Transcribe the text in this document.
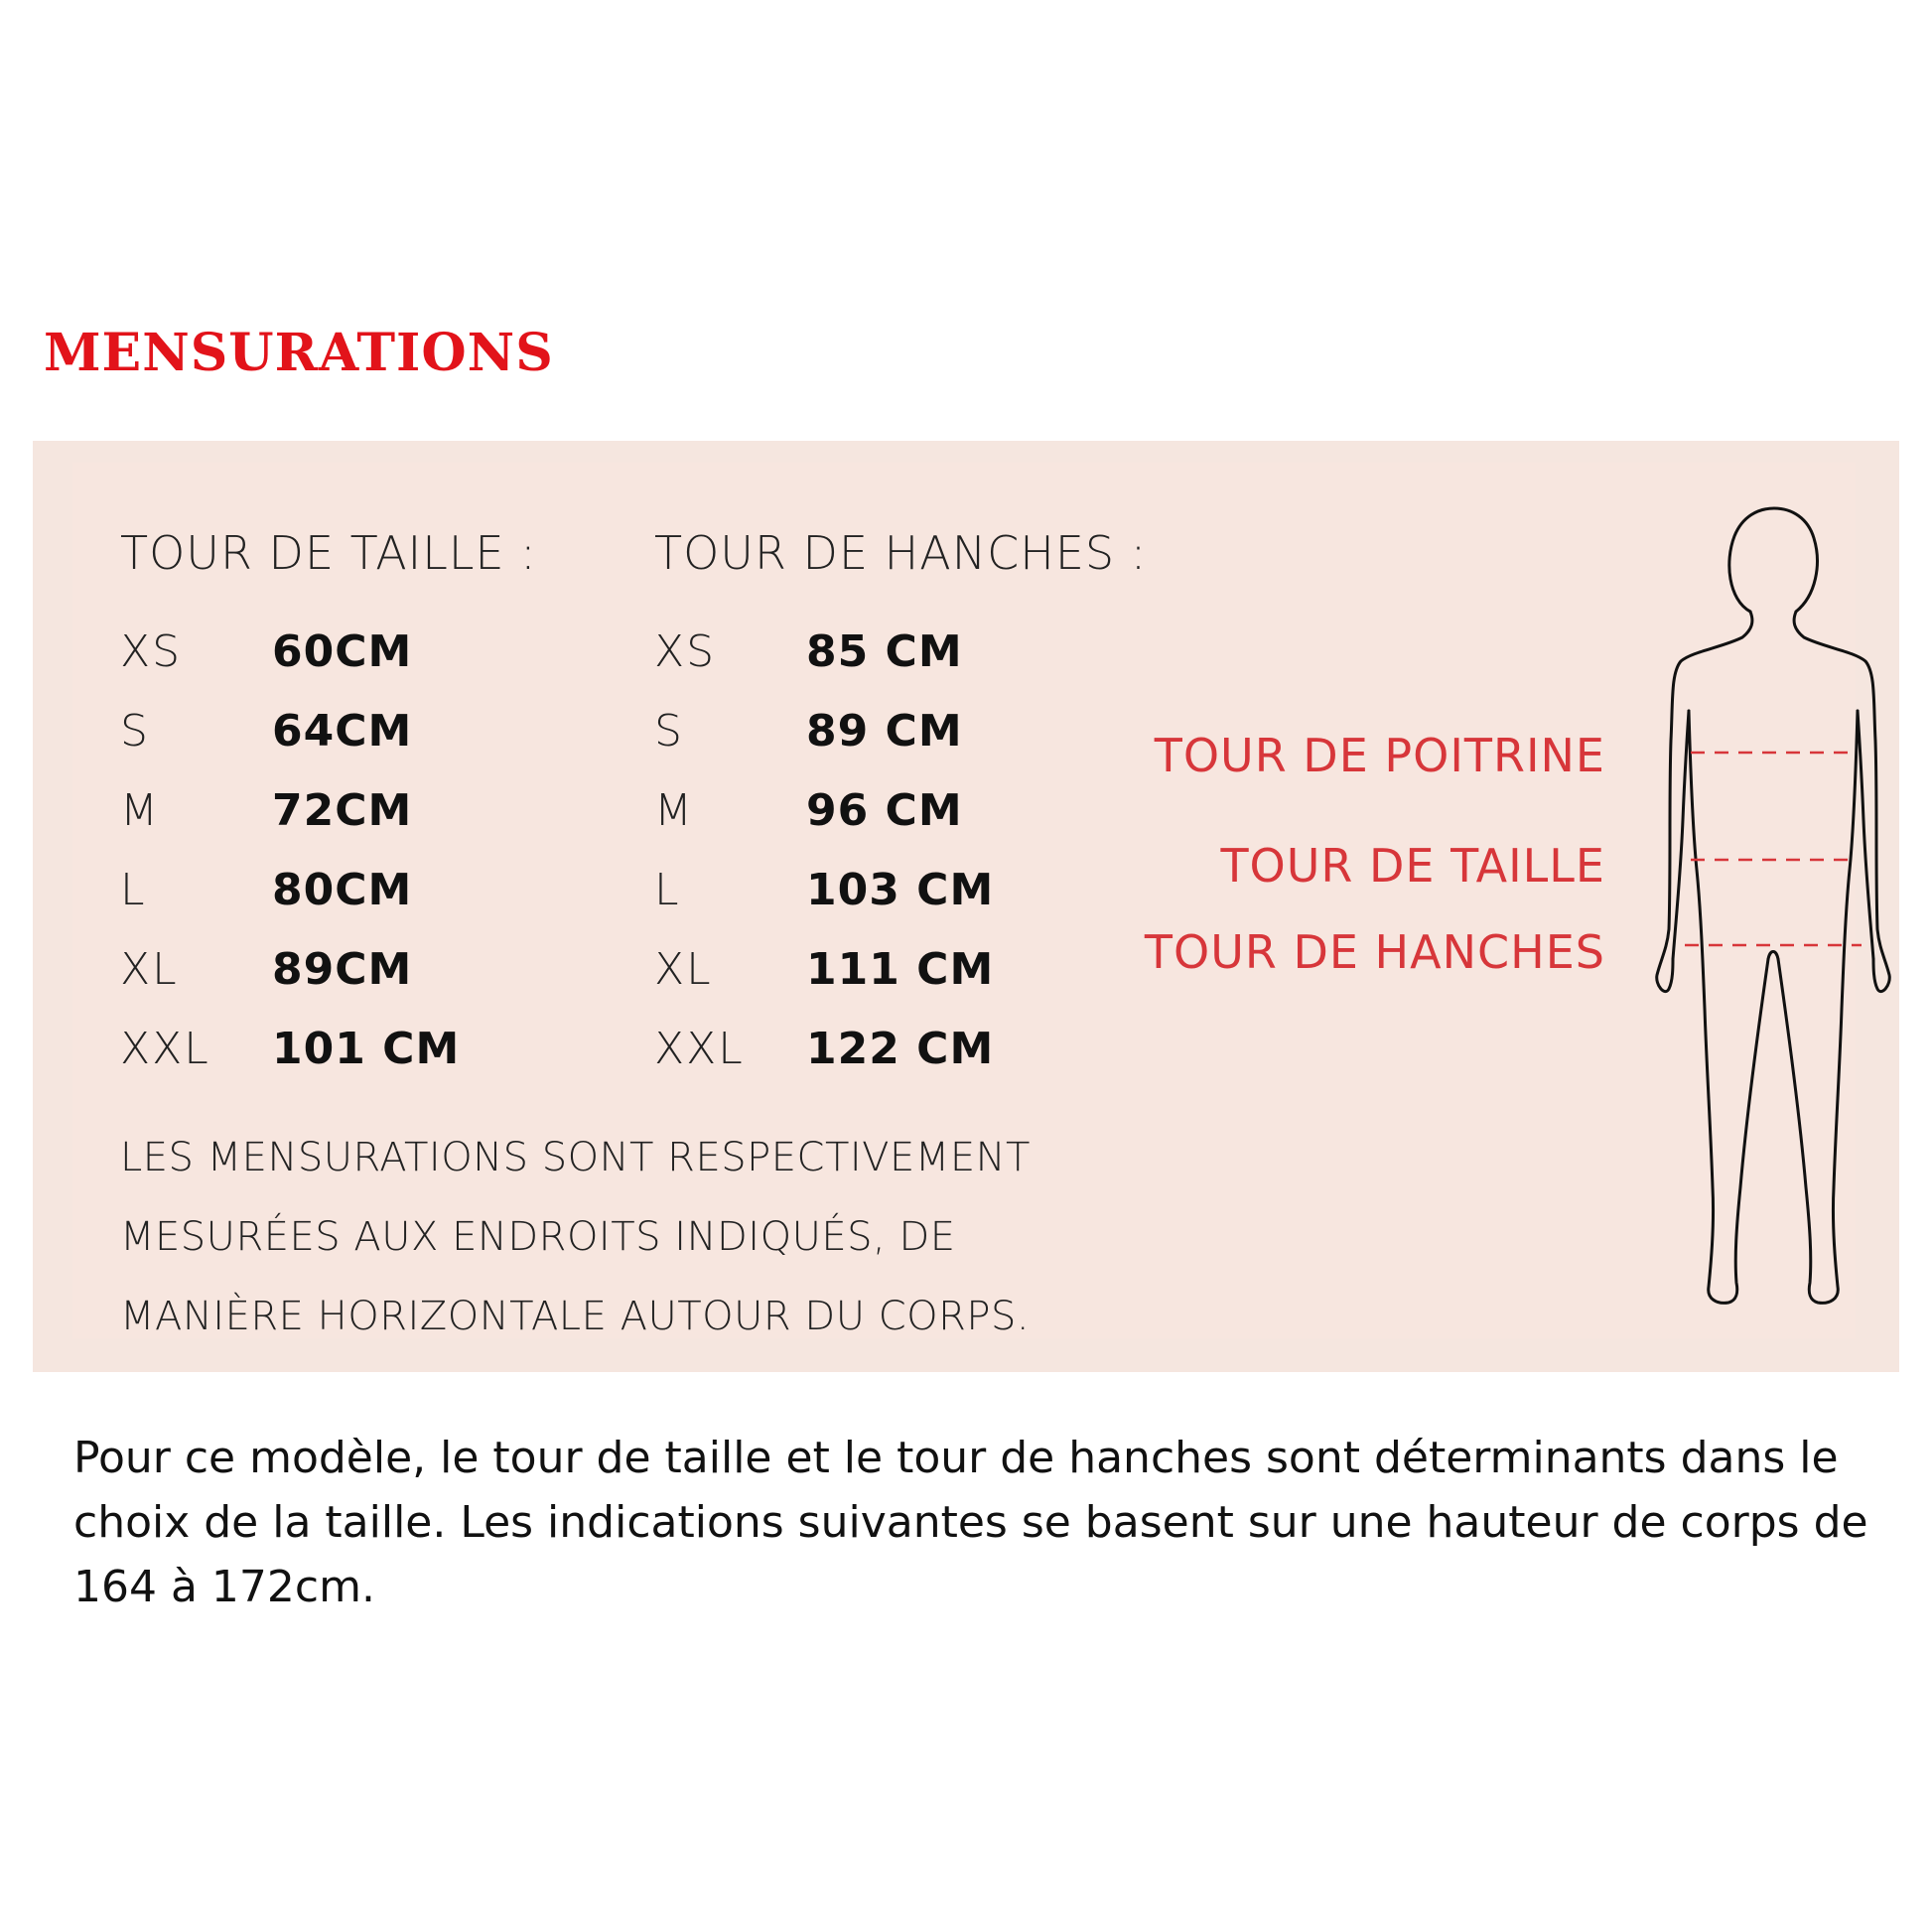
MENSURATIONS
TOUR DE TAILLE :
XS	60CM
S	64CM
M	72CM
L	80CM
XL	89CM
XXL	101 CM
TOUR DE HANCHES :
XS	85 CM
S	89 CM
M	96 CM
L	103 CM
XL	111 CM
XXL	122 CM
LES MENSURATIONS SONT RESPECTIVEMENT
MESURÉES AUX ENDROITS INDIQUÉS, DE
MANIÈRE HORIZONTALE AUTOUR DU CORPS.
TOUR DE POITRINE
TOUR DE TAILLE
TOUR DE HANCHES
Pour ce modèle, le tour de taille et le tour de hanches sont déterminants dans le choix de la taille. Les indications suivantes se basent sur une hauteur de corps de 164 à 172cm.
